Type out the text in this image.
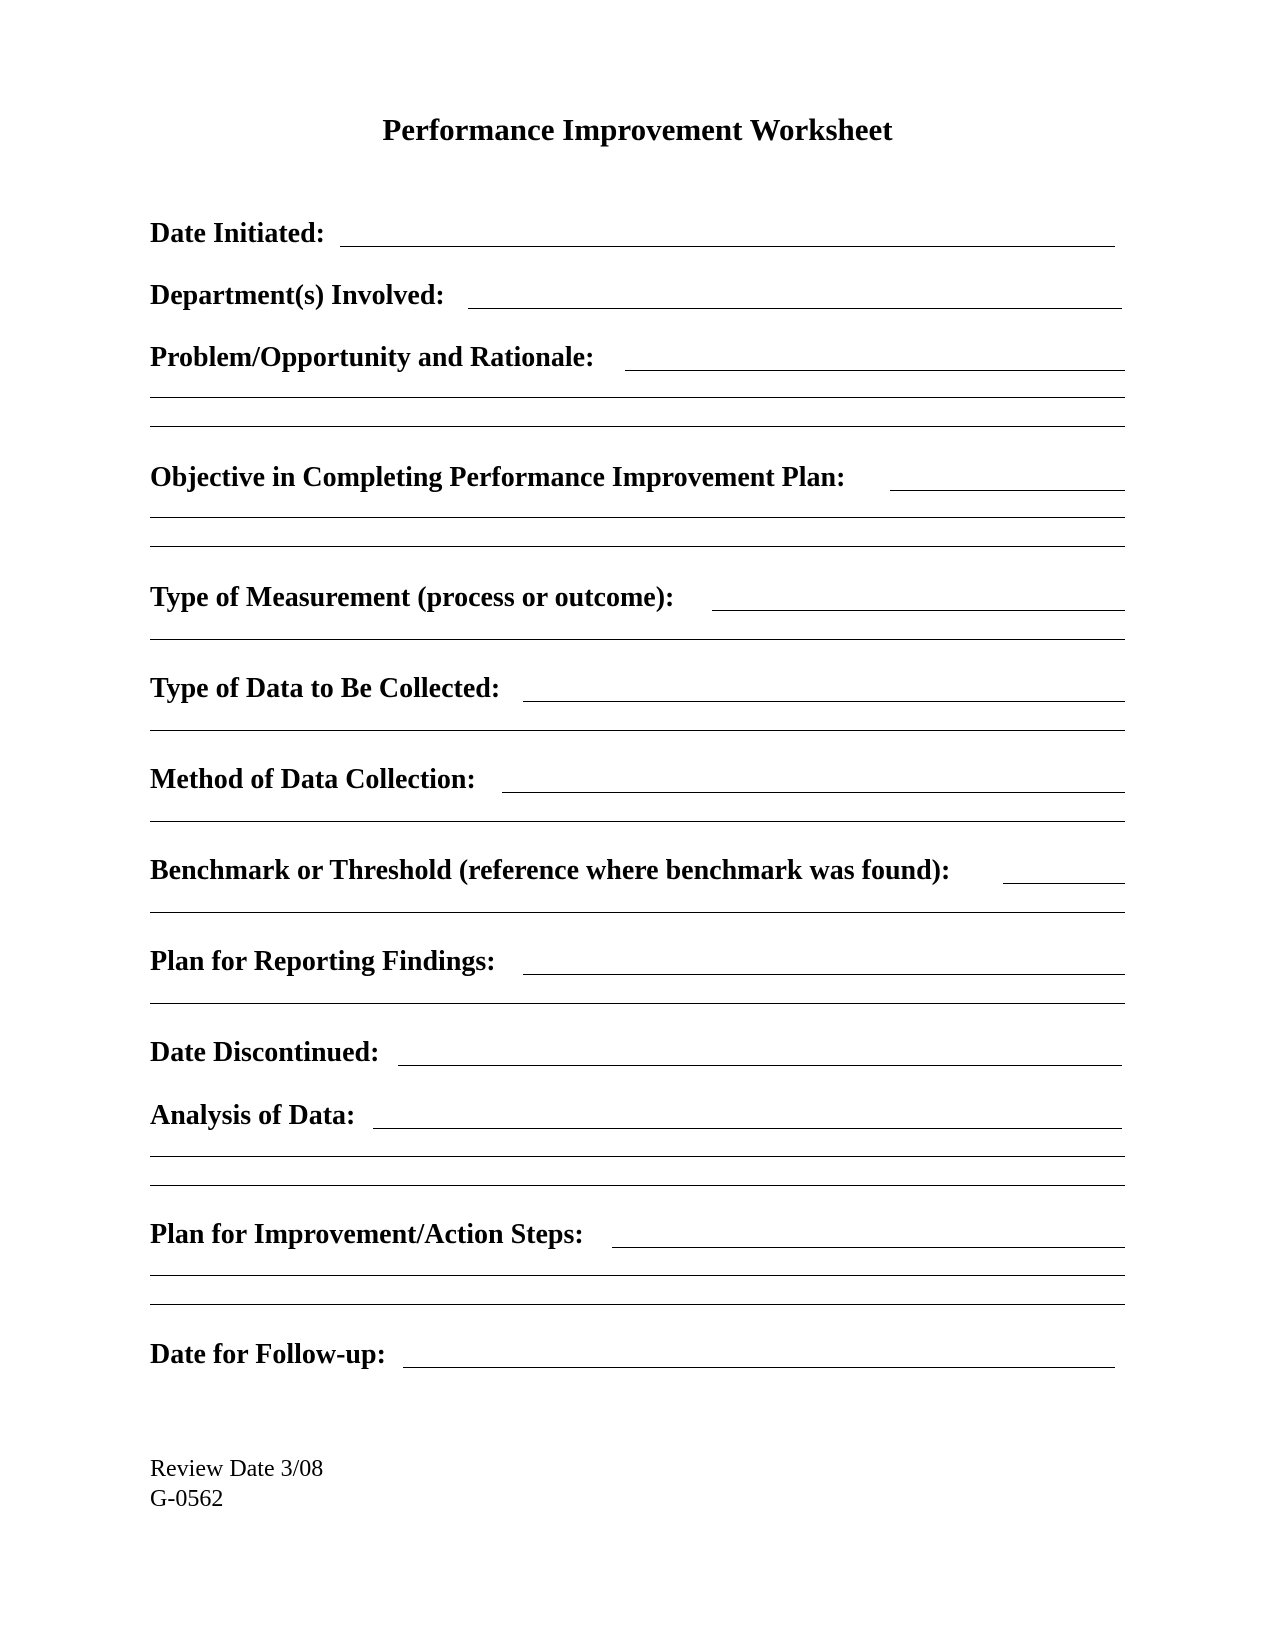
Performance Improvement Worksheet
Date Initiated:
Department(s) Involved:
Problem/Opportunity and Rationale:
Objective in Completing Performance Improvement Plan:
Type of Measurement (process or outcome):
Type of Data to Be Collected:
Method of Data Collection:
Benchmark or Threshold (reference where benchmark was found):
Plan for Reporting Findings:
Date Discontinued:
Analysis of Data:
Plan for Improvement/Action Steps:
Date for Follow-up:
Review Date 3/08
G-0562
